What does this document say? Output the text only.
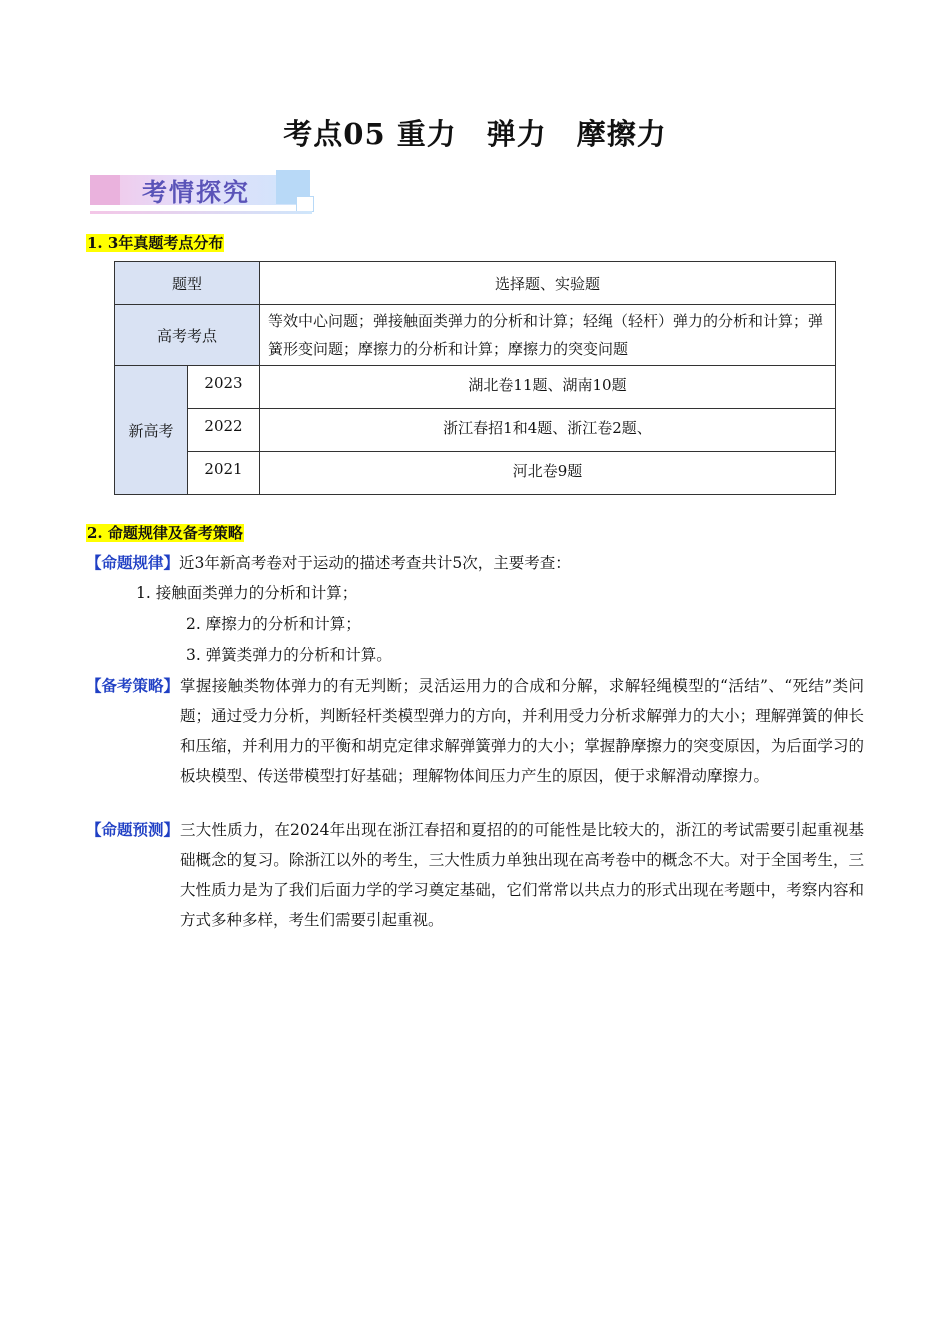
考点05 重力　弹力　摩擦力
考情探究
1. 3年真题考点分布
题型		选择题、实验题
高考考点		等效中心问题；弹接触面类弹力的分析和计算；轻绳（轻杆）弹力的分析和计算；弹簧形变问题；摩擦力的分析和计算；摩擦力的突变问题
新高考	2023	湖北卷11题、湖南10题
	2022	浙江春招1和4题、浙江卷2题、
	2021	河北卷9题
2. 命题规律及备考策略
【命题规律】近3年新高考卷对于运动的描述考查共计5次，主要考查：
1. 接触面类弹力的分析和计算；
2. 摩擦力的分析和计算；
3. 弹簧类弹力的分析和计算。
【备考策略】 掌握接触类物体弹力的有无判断；灵活运用力的合成和分解，求解轻绳模型的“活结”、“死结”类问题；通过受力分析，判断轻杆类模型弹力的方向，并利用受力分析求解弹力的大小；理解弹簧的伸长和压缩，并利用力的平衡和胡克定律求解弹簧弹力的大小；掌握静摩擦力的突变原因，为后面学习的板块模型、传送带模型打好基础；理解物体间压力产生的原因，便于求解滑动摩擦力。
【命题预测】 三大性质力，在2024年出现在浙江春招和夏招的的可能性是比较大的，浙江的考试需要引起重视基础概念的复习。除浙江以外的考生，三大性质力单独出现在高考卷中的概念不大。对于全国考生，三大性质力是为了我们后面力学的学习奠定基础，它们常常以共点力的形式出现在考题中，考察内容和方式多种多样，考生们需要引起重视。
